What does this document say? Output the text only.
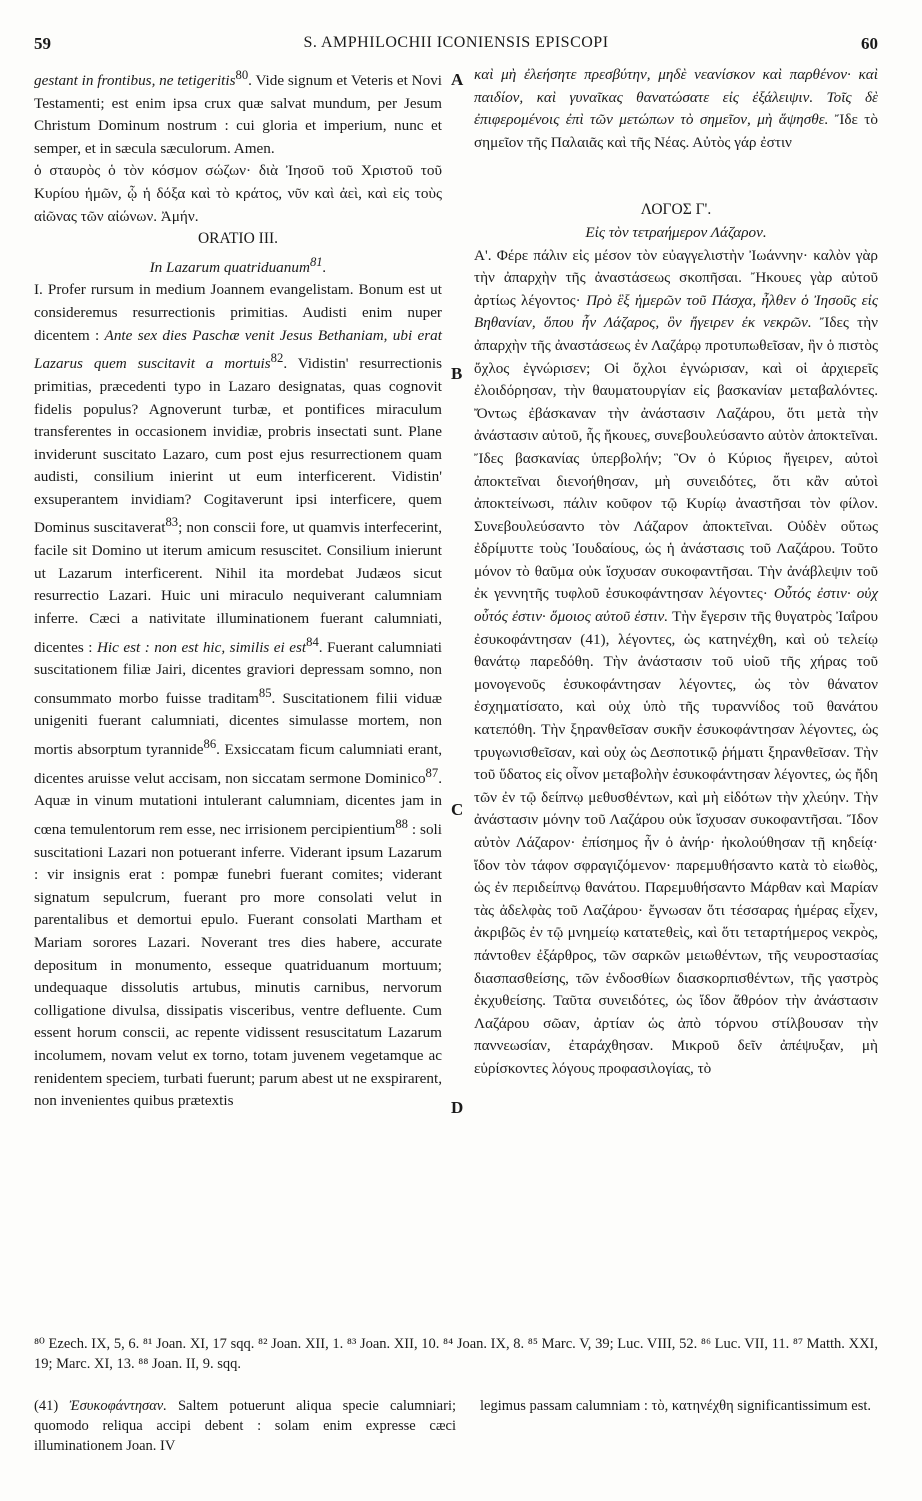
59	S. AMPHILOCHII ICONIENSIS EPISCOPI	60
A
B
C
D

gestant in frontibus, ne tetigeritis$^{80}$. Vide signum et Veteris et Novi Testamenti; est enim ipsa crux quæ salvat mundum, per Jesum Christum Dominum nostrum : cui gloria et imperium, nunc et semper, et in sæcula sæculorum. Amen.

ὁ σταυρὸς ὁ τὸν κόσμον σώζων· διὰ Ἰησοῦ τοῦ Χριστοῦ τοῦ Κυρίου ἡμῶν, ᾧ ἡ δόξα καὶ τὸ κράτος, νῦν καὶ ἀεὶ, καὶ εἰς τοὺς αἰῶνας τῶν αἰώνων. Ἀμήν.

ORATIO III.

In Lazarum quatriduanum$^{81}$.

I. Profer rursum in medium Joannem evangelistam. Bonum est ut consideremus resurrectionis primitias. Audisti enim nuper dicentem : Ante sex dies Paschæ venit Jesus Bethaniam, ubi erat Lazarus quem suscitavit a mortuis$^{82}$. Vidistin' resurrectionis primitias, præcedenti typo in Lazaro designatas, quas cognovit fidelis populus? Agnoverunt turbæ, et pontifices miraculum transferentes in occasionem invidiæ, probris insectati sunt. Plane inviderunt suscitato Lazaro, cum post ejus resurrectionem quam audisti, consilium inierint ut eum interficerent. Vidistin' exsuperantem invidiam? Cogitaverunt ipsi interficere, quem Dominus suscitaverat$^{83}$; non conscii fore, ut quamvis interfecerint, facile sit Domino ut iterum amicum resuscitet. Consilium inierunt ut Lazarum interficerent. Nihil ita mordebat Judæos sicut resurrectio Lazari. Huic uni miraculo nequiverant calumniam inferre. Cæci a nativitate illuminationem fuerant calumniati, dicentes : Hic est : non est hic, similis ei est$^{84}$. Fuerant calumniati suscitationem filiæ Jairi, dicentes graviori depressam somno, non consummato morbo fuisse traditam$^{85}$. Suscitationem filii viduæ unigeniti fuerant calumniati, dicentes simulasse mortem, non mortis absorptum tyrannide$^{86}$. Exsiccatam ficum calumniati erant, dicentes aruisse velut accisam, non siccatam sermone Dominico$^{87}$. Aquæ in vinum mutationi intulerant calumniam, dicentes jam in cœna temulentorum rem esse, nec irrisionem percipientium$^{88}$ : soli suscitationi Lazari non potuerant inferre. Viderant ipsum Lazarum : vir insignis erat : pompæ funebri fuerant comites; viderant signatum sepulcrum, fuerant pro more consolati velut in parentalibus et demortui epulo. Fuerant consolati Martham et Mariam sorores Lazari. Noverant tres dies habere, accurate depositum in monumento, esseque quatriduanum mortuum; undequaque dissolutis artubus, minutis carnibus, nervorum colligatione divulsa, dissipatis visceribus, ventre defluente. Cum essent horum conscii, ac repente vidissent resuscitatum Lazarum incolumem, novam velut ex torno, totam juvenem vegetamque ac renidentem speciem, turbati fuerunt; parum abest ut ne exspirarent, non invenientes quibus prætextis

καὶ μὴ ἐλεήσητε πρεσβύτην, μηδὲ νεανίσκον καὶ παρθένον· καὶ παιδίον, καὶ γυναῖκας θανατώσατε εἰς ἐξάλειψιν. Τοῖς δὲ ἐπιφερομένοις ἐπὶ τῶν μετώπων τὸ σημεῖον, μὴ ἅψησθε. Ἴδε τὸ σημεῖον τῆς Παλαιᾶς καὶ τῆς Νέας. Αὐτὸς γάρ ἐστιν

ΛΟΓΟΣ Γ'.

Εἰς τὸν τετραήμερον Λάζαρον.

Α'. Φέρε πάλιν εἰς μέσον τὸν εὐαγγελιστὴν Ἰωάννην· καλὸν γὰρ τὴν ἀπαρχὴν τῆς ἀναστάσεως σκοπῆσαι. Ἤκουες γὰρ αὐτοῦ ἀρτίως λέγοντος· Πρὸ ἓξ ἡμερῶν τοῦ Πάσχα, ἦλθεν ὁ Ἰησοῦς εἰς Βηθανίαν, ὅπου ἦν Λάζαρος, ὃν ἤγειρεν ἐκ νεκρῶν. Ἴδες τὴν ἀπαρχὴν τῆς ἀναστάσεως ἐν Λαζάρῳ προτυπωθεῖσαν, ἣν ὁ πιστὸς ὄχλος ἐγνώρισεν; Οἱ ὄχλοι ἐγνώρισαν, καὶ οἱ ἀρχιερεῖς ἐλοιδόρησαν, τὴν θαυματουργίαν εἰς βασκανίαν μεταβαλόντες. Ὄντως ἐβάσκαναν τὴν ἀνάστασιν Λαζάρου, ὅτι μετὰ τὴν ἀνάστασιν αὐτοῦ, ἧς ἤκουες, συνεβουλεύσαντο αὐτὸν ἀποκτεῖναι. Ἴδες βασκανίας ὑπερβολήν; Ὃν ὁ Κύριος ἤγειρεν, αὐτοὶ ἀποκτεῖναι διενοήθησαν, μὴ συνειδότες, ὅτι κἂν αὐτοὶ ἀποκτείνωσι, πάλιν κοῦφον τῷ Κυρίῳ ἀναστῆσαι τὸν φίλον. Συνεβουλεύσαντο τὸν Λάζαρον ἀποκτεῖναι. Οὐδὲν οὕτως ἐδρίμυττε τοὺς Ἰουδαίους, ὡς ἡ ἀνάστασις τοῦ Λαζάρου. Τοῦτο μόνον τὸ θαῦμα οὐκ ἴσχυσαν συκοφαντῆσαι. Τὴν ἀνάβλεψιν τοῦ ἐκ γεννητῆς τυφλοῦ ἐσυκοφάντησαν λέγοντες· Οὗτός ἐστιν· οὐχ οὗτός ἐστιν· ὅμοιος αὐτοῦ ἐστιν. Τὴν ἔγερσιν τῆς θυγατρὸς Ἰαΐρου ἐσυκοφάντησαν (41), λέγοντες, ὡς κατηνέχθη, καὶ οὐ τελείῳ θανάτῳ παρεδόθη. Τὴν ἀνάστασιν τοῦ υἱοῦ τῆς χήρας τοῦ μονογενοῦς ἐσυκοφάντησαν λέγοντες, ὡς τὸν θάνατον ἐσχηματίσατο, καὶ οὐχ ὑπὸ τῆς τυραννίδος τοῦ θανάτου κατεπόθη. Τὴν ξηρανθεῖσαν συκῆν ἐσυκοφάντησαν λέγοντες, ὡς τρυγωνισθεῖσαν, καὶ οὐχ ὡς Δεσποτικῷ ῥήματι ξηρανθεῖσαν. Τὴν τοῦ ὕδατος εἰς οἶνον μεταβολὴν ἐσυκοφάντησαν λέγοντες, ὡς ἤδη τῶν ἐν τῷ δείπνῳ μεθυσθέντων, καὶ μὴ εἰδότων τὴν χλεύην. Τὴν ἀνάστασιν μόνην τοῦ Λαζάρου οὐκ ἴσχυσαν συκοφαντῆσαι. Ἴδον αὐτὸν Λάζαρον· ἐπίσημος ἦν ὁ ἀνήρ· ἠκολούθησαν τῇ κηδείᾳ· ἴδον τὸν τάφον σφραγιζόμενον· παρεμυθήσαντο κατὰ τὸ εἰωθὸς, ὡς ἐν περιδείπνῳ θανάτου. Παρεμυθήσαντο Μάρθαν καὶ Μαρίαν τὰς ἀδελφὰς τοῦ Λαζάρου· ἔγνωσαν ὅτι τέσσαρας ἡμέρας εἶχεν, ἀκριβῶς ἐν τῷ μνημείῳ κατατεθεὶς, καὶ ὅτι τεταρτήμερος νεκρὸς, πάντοθεν ἐξάρθρος, τῶν σαρκῶν μειωθέντων, τῆς νευροστασίας διασπασθείσης, τῶν ἐνδοσθίων διασκορπισθέντων, τῆς γαστρὸς ἐκχυθείσης. Ταῦτα συνειδότες, ὡς ἴδον ἄθρόον τὴν ἀνάστασιν Λαζάρου σῶαν, ἀρτίαν ὡς ἀπὸ τόρνου στίλβουσαν τὴν παννεωσίαν, ἐταράχθησαν. Μικροῦ δεῖν ἀπέψυξαν, μὴ εὑρίσκοντες λόγους προφασιλογίας, τὸ

⁸⁰ Ezech. IX, 5, 6. ⁸¹ Joan. XI, 17 sqq. ⁸² Joan. XII, 1. ⁸³ Joan. XII, 10. ⁸⁴ Joan. IX, 8. ⁸⁵ Marc. V, 39; Luc. VIII, 52. ⁸⁶ Luc. VII, 11. ⁸⁷ Matth. XXI, 19; Marc. XI, 13. ⁸⁸ Joan. II, 9. sqq.

(41) Ἐσυκοφάντησαν. Saltem potuerunt aliqua specie calumniari; quomodo reliqua accipi debent : solam enim expresse cæci illuminationem Joan. IV

legimus passam calumniam : τὸ, κατηνέχθη significantissimum est.
